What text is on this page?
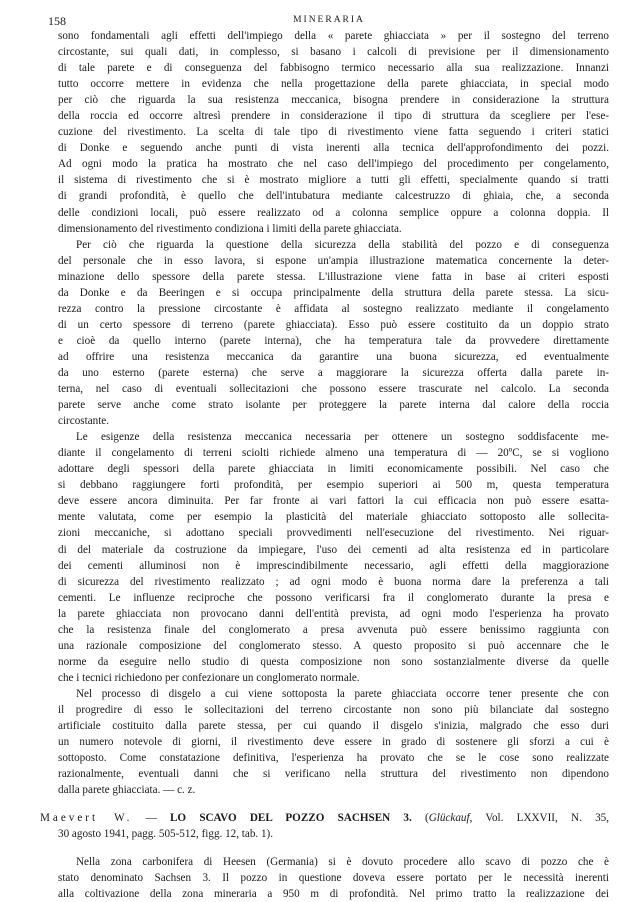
158	MINERARIA

sono fondamentali agli effetti dell'impiego della « parete ghiacciata » per il sostegno del terreno

circostante, sui quali dati, in complesso, si basano i calcoli di previsione per il dimensionamento

di tale parete e di conseguenza del fabbisogno termico necessario alla sua realizzazione. Innanzi

tutto occorre mettere in evidenza che nella progettazione della parete ghiacciata, in special modo

per ciò che riguarda la sua resistenza meccanica, bisogna prendere in considerazione la struttura

della roccia ed occorre altresì prendere in considerazione il tipo di struttura da scegliere per l'ese-

cuzione del rivestimento. La scelta di tale tipo di rivestimento viene fatta seguendo i criteri statici

di Donke e seguendo anche punti di vista inerenti alla tecnica dell'approfondimento dei pozzi.

Ad ogni modo la pratica ha mostrato che nel caso dell'impiego del procedimento per congelamento,

il sistema di rivestimento che si è mostrato migliore a tutti gli effetti, specialmente quando si tratti

di grandi profondità, è quello che dell'intubatura mediante calcestruzzo di ghiaia, che, a seconda

delle condizioni locali, può essere realizzato od a colonna semplice oppure a colonna doppia. Il

dimensionamento del rivestimento condiziona i limiti della parete ghiacciata.

Per ciò che riguarda la questione della sicurezza della stabilità del pozzo e di conseguenza

del personale che in esso lavora, si espone un'ampia illustrazione matematica concernente la deter-

minazione dello spessore della parete stessa. L'illustrazione viene fatta in base ai criteri esposti

da Donke e da Beeringen e si occupa principalmente della struttura della parete stessa. La sicu-

rezza contro la pressione circostante è affidata al sostegno realizzato mediante il congelamento

di un certo spessore di terreno (parete ghiacciata). Esso può essere costituito da un doppio strato

e cioè da quello interno (parete interna), che ha temperatura tale da provvedere direttamente

ad offrire una resistenza meccanica da garantire una buona sicurezza, ed eventualmente

da uno esterno (parete esterna) che serve a maggiorare la sicurezza offerta dalla parete in-

terna, nel caso di eventuali sollecitazioni che possono essere trascurate nel calcolo. La seconda

parete serve anche come strato isolante per proteggere la parete interna dal calore della roccia

circostante.

Le esigenze della resistenza meccanica necessaria per ottenere un sostegno soddisfacente me-

diante il congelamento di terreni sciolti richiede almeno una temperatura di — 20ºC, se si vogliono

adottare degli spessori della parete ghiacciata in limiti economicamente possibili. Nel caso che

si debbano raggiungere forti profondità, per esempio superiori ai 500 m, questa temperatura

deve essere ancora diminuita. Per far fronte ai vari fattori la cui efficacia non può essere esatta-

mente valutata, come per esempio la plasticità del materiale ghiacciato sottoposto alle sollecita-

zioni meccaniche, si adottano speciali provvedimenti nell'esecuzione del rivestimento. Nei riguar-

di del materiale da costruzione da impiegare, l'uso dei cementi ad alta resistenza ed in particolare

dei cementi alluminosi non è imprescindibilmente necessario, agli effetti della maggiorazione

di sicurezza del rivestimento realizzato ; ad ogni modo è buona norma dare la preferenza a tali

cementi. Le influenze reciproche che possono verificarsi fra il conglomerato durante la presa e

la parete ghiacciata non provocano danni dell'entità prevista, ad ogni modo l'esperienza ha provato

che la resistenza finale del conglomerato a presa avvenuta può essere benissimo raggiunta con

una razionale composizione del conglomerato stesso. A questo proposito si può accennare che le

norme da eseguire nello studio di questa composizione non sono sostanzialmente diverse da quelle

che i tecnici richiedono per confezionare un conglomerato normale.

Nel processo di disgelo a cui viene sottoposta la parete ghiacciata occorre tener presente che con

il progredire di esso le sollecitazioni del terreno circostante non sono più bilanciate dal sostegno

artificiale costituito dalla parete stessa, per cui quando il disgelo s'inizia, malgrado che esso duri

un numero notevole di giorni, il rivestimento deve essere in grado di sostenere gli sforzi a cui è

sottoposto. Come constatazione definitiva, l'esperienza ha provato che se le cose sono realizzate

razionalmente, eventuali danni che si verificano nella struttura del rivestimento non dipendono

dalla parete ghiacciata. — c. z.

Maevert W. — LO SCAVO DEL POZZO SACHSEN 3. (Glückauf, Vol. LXXVII, N. 35,

30 agosto 1941, pagg. 505-512, figg. 12, tab. 1).

Nella zona carbonifera di Heesen (Germania) si è dovuto procedere allo scavo di pozzo che è

stato denominato Sachsen 3. Il pozzo in questione doveva essere portato per le necessità inerenti

alla coltivazione della zona mineraria a 950 m di profondità. Nel primo tratto la realizzazione dei
